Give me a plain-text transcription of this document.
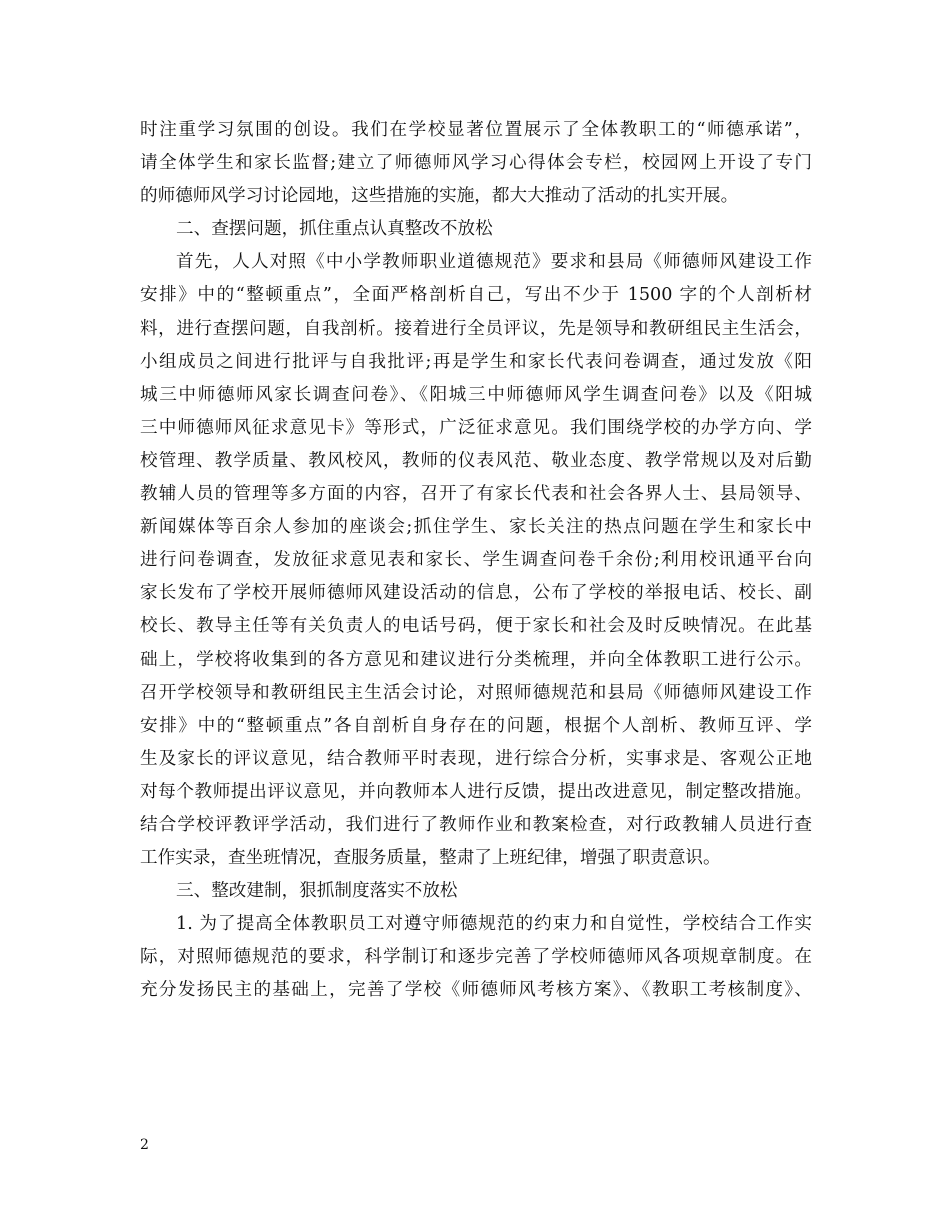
时注重学习氛围的创设。我们在学校显著位置展示了全体教职工的“师德承诺”，
请全体学生和家长监督;建立了师德师风学习心得体会专栏，校园网上开设了专门
的师德师风学习讨论园地，这些措施的实施，都大大推动了活动的扎实开展。
二、查摆问题，抓住重点认真整改不放松
首先，人人对照《中小学教师职业道德规范》要求和县局《师德师风建设工作
安排》中的“整顿重点”，全面严格剖析自己，写出不少于 1500 字的个人剖析材
料，进行查摆问题，自我剖析。接着进行全员评议，先是领导和教研组民主生活会，
小组成员之间进行批评与自我批评;再是学生和家长代表问卷调查，通过发放《阳
城三中师德师风家长调查问卷》、《阳城三中师德师风学生调查问卷》以及《阳城
三中师德师风征求意见卡》等形式，广泛征求意见。我们围绕学校的办学方向、学
校管理、教学质量、教风校风，教师的仪表风范、敬业态度、教学常规以及对后勤
教辅人员的管理等多方面的内容，召开了有家长代表和社会各界人士、县局领导、
新闻媒体等百余人参加的座谈会;抓住学生、家长关注的热点问题在学生和家长中
进行问卷调查，发放征求意见表和家长、学生调查问卷千余份;利用校讯通平台向
家长发布了学校开展师德师风建设活动的信息，公布了学校的举报电话、校长、副
校长、教导主任等有关负责人的电话号码，便于家长和社会及时反映情况。在此基
础上，学校将收集到的各方意见和建议进行分类梳理，并向全体教职工进行公示。
召开学校领导和教研组民主生活会讨论，对照师德规范和县局《师德师风建设工作
安排》中的“整顿重点”各自剖析自身存在的问题，根据个人剖析、教师互评、学
生及家长的评议意见，结合教师平时表现，进行综合分析，实事求是、客观公正地
对每个教师提出评议意见，并向教师本人进行反馈，提出改进意见，制定整改措施。
结合学校评教评学活动，我们进行了教师作业和教案检查，对行政教辅人员进行查
工作实录，查坐班情况，查服务质量，整肃了上班纪律，增强了职责意识。
三、整改建制，狠抓制度落实不放松
1. 为了提高全体教职员工对遵守师德规范的约束力和自觉性，学校结合工作实
际，对照师德规范的要求，科学制订和逐步完善了学校师德师风各项规章制度。在
充分发扬民主的基础上，完善了学校《师德师风考核方案》、《教职工考核制度》、
2
